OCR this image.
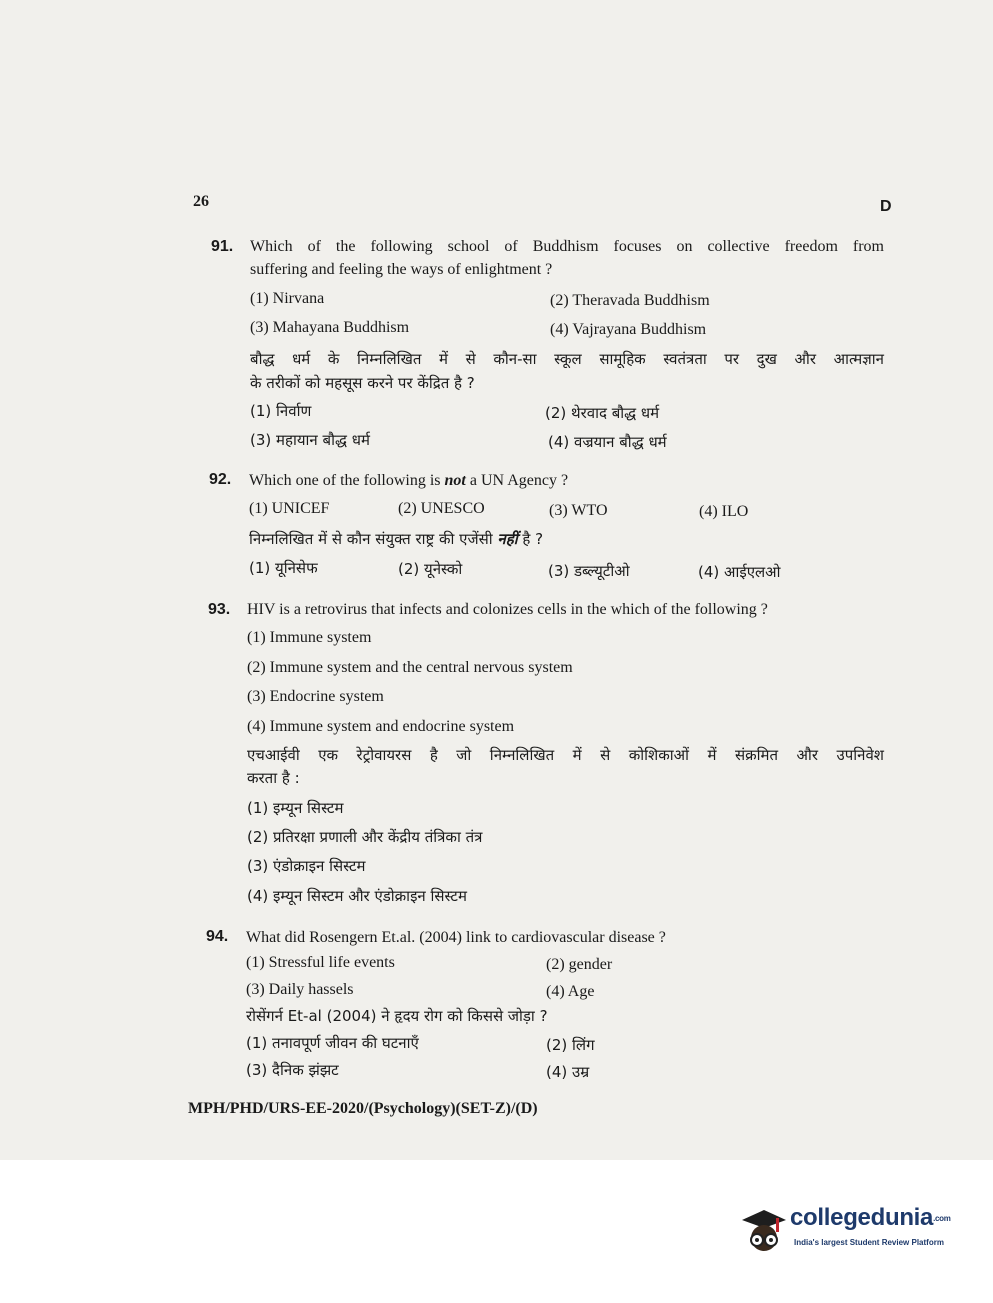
26	D
91. Which of the following school of Buddhism focuses on collective freedom from
suffering and feeling the ways of enlightment ?
(1) Nirvana	(2) Theravada Buddhism
(3) Mahayana Buddhism	(4) Vajrayana Buddhism
बौद्ध धर्म के निम्नलिखित में से कौन-सा स्कूल सामूहिक स्वतंत्रता पर दुख और आत्मज्ञान
के तरीकों को महसूस करने पर केंद्रित है ?
(1) निर्वाण	(2) थेरवाद बौद्ध धर्म
(3) महायान बौद्ध धर्म	(4) वज्रयान बौद्ध धर्म
92. Which one of the following is not a UN Agency ?
(1) UNICEF	(2) UNESCO	(3) WTO	(4) ILO
निम्नलिखित में से कौन संयुक्त राष्ट्र की एजेंसी नहीं है ?
(1) यूनिसेफ	(2) यूनेस्को	(3) डब्ल्यूटीओ	(4) आईएलओ
93. HIV is a retrovirus that infects and colonizes cells in the which of the following ?
(1) Immune system
(2) Immune system and the central nervous system
(3) Endocrine system
(4) Immune system and endocrine system
एचआईवी एक रेट्रोवायरस है जो निम्नलिखित में से कोशिकाओं में संक्रमित और उपनिवेश
करता है :
(1) इम्यून सिस्टम
(2) प्रतिरक्षा प्रणाली और केंद्रीय तंत्रिका तंत्र
(3) एंडोक्राइन सिस्टम
(4) इम्यून सिस्टम और एंडोक्राइन सिस्टम
94. What did Rosengern Et.al. (2004) link to cardiovascular disease ?
(1) Stressful life events	(2) gender
(3) Daily hassels	(4) Age
रोसेंगर्न Et-al (2004) ने हृदय रोग को किससे जोड़ा ?
(1) तनावपूर्ण जीवन की घटनाएँ	(2) लिंग
(3) दैनिक झंझट	(4) उम्र
MPH/PHD/URS-EE-2020/(Psychology)(SET-Z)/(D)
collegedunia.com
India's largest Student Review Platform
